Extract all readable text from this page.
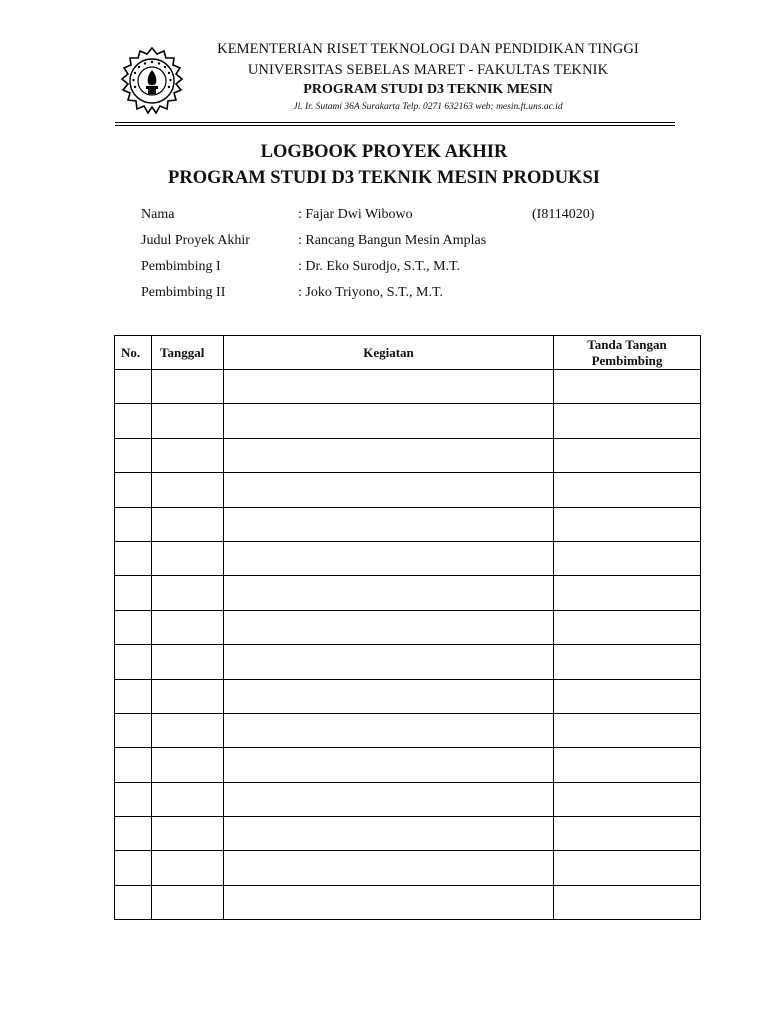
KEMENTERIAN RISET TEKNOLOGI DAN PENDIDIKAN TINGGI
UNIVERSITAS SEBELAS MARET - FAKULTAS TEKNIK
PROGRAM STUDI D3 TEKNIK MESIN
Jl. Ir. Sutami 36A Surakarta Telp. 0271 632163 web: mesin.ft.uns.ac.id
LOGBOOK PROYEK AKHIR
PROGRAM STUDI D3 TEKNIK MESIN PRODUKSI
Nama	: Fajar Dwi Wibowo	(I8114020)
Judul Proyek Akhir	: Rancang Bangun Mesin Amplas
Pembimbing I	: Dr. Eko Surodjo, S.T., M.T.
Pembimbing II	: Joko Triyono, S.T., M.T.
No.	Tanggal	Kegiatan	Tanda Tangan
Pembimbing
